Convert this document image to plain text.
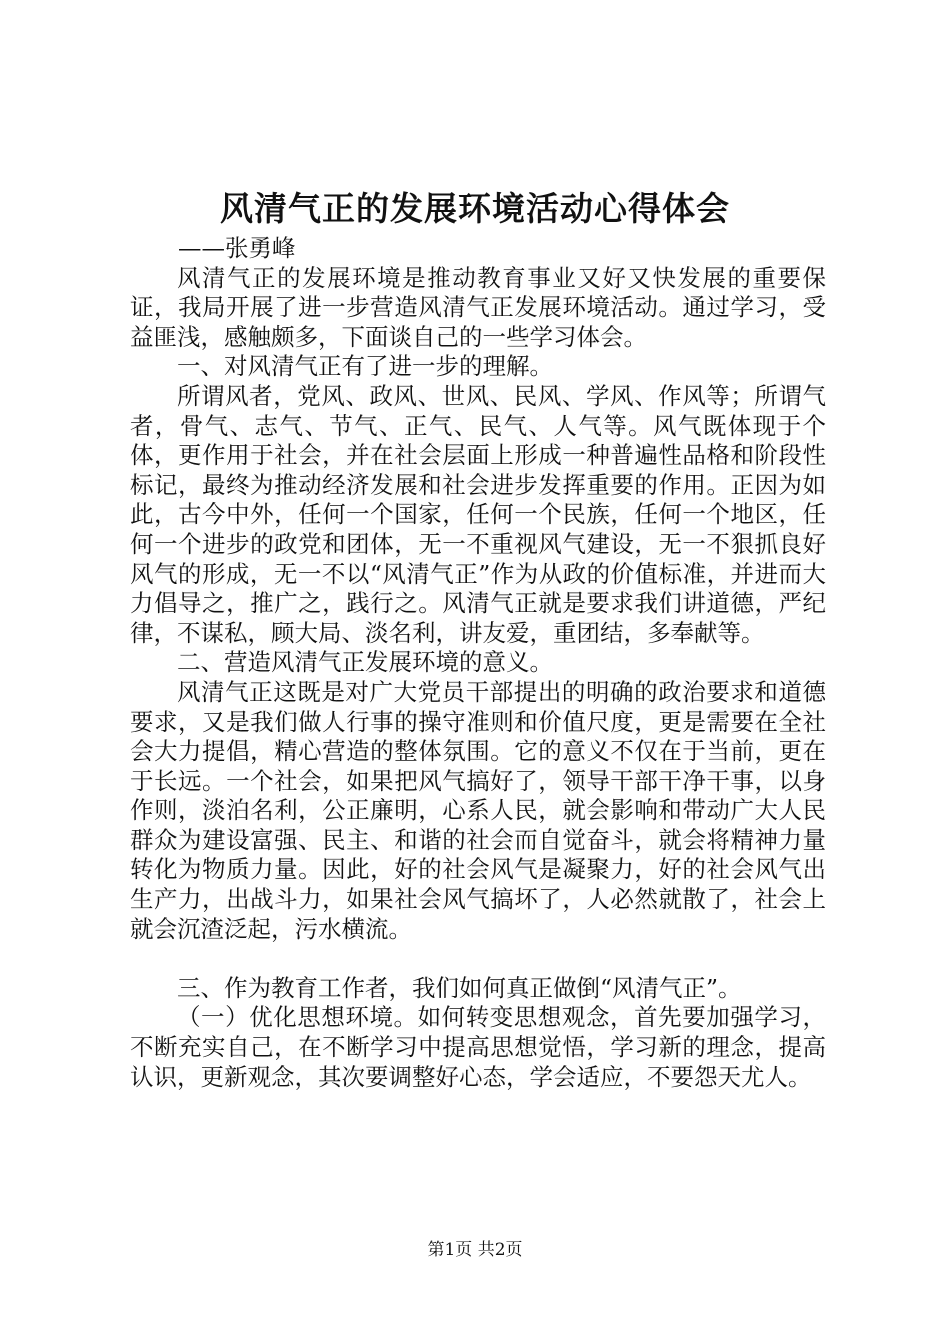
风清气正的发展环境活动心得体会

——张勇峰

风清气正的发展环境是推动教育事业又好又快发展的重要保证，我局开展了进一步营造风清气正发展环境活动。通过学习，受益匪浅，感触颇多，下面谈自己的一些学习体会。

一、对风清气正有了进一步的理解。

所谓风者，党风、政风、世风、民风、学风、作风等；所谓气者，骨气、志气、节气、正气、民气、人气等。风气既体现于个体，更作用于社会，并在社会层面上形成一种普遍性品格和阶段性标记，最终为推动经济发展和社会进步发挥重要的作用。正因为如此，古今中外，任何一个国家，任何一个民族，任何一个地区，任何一个进步的政党和团体，无一不重视风气建设，无一不狠抓良好风气的形成，无一不以“风清气正”作为从政的价值标准，并进而大力倡导之，推广之，践行之。风清气正就是要求我们讲道德，严纪律，不谋私，顾大局、淡名利，讲友爱，重团结，多奉献等。

二、营造风清气正发展环境的意义。

风清气正这既是对广大党员干部提出的明确的政治要求和道德要求，又是我们做人行事的操守准则和价值尺度，更是需要在全社会大力提倡，精心营造的整体氛围。它的意义不仅在于当前，更在于长远。一个社会，如果把风气搞好了，领导干部干净干事，以身作则，淡泊名利，公正廉明，心系人民，就会影响和带动广大人民群众为建设富强、民主、和谐的社会而自觉奋斗，就会将精神力量转化为物质力量。因此，好的社会风气是凝聚力，好的社会风气出生产力，出战斗力，如果社会风气搞坏了，人必然就散了，社会上就会沉渣泛起，污水横流。

三、作为教育工作者，我们如何真正做倒“风清气正”。

（一）优化思想环境。如何转变思想观念，首先要加强学习，不断充实自己，在不断学习中提高思想觉悟，学习新的理念，提高认识，更新观念，其次要调整好心态，学会适应，不要怨天尤人。

第1页 共2页
